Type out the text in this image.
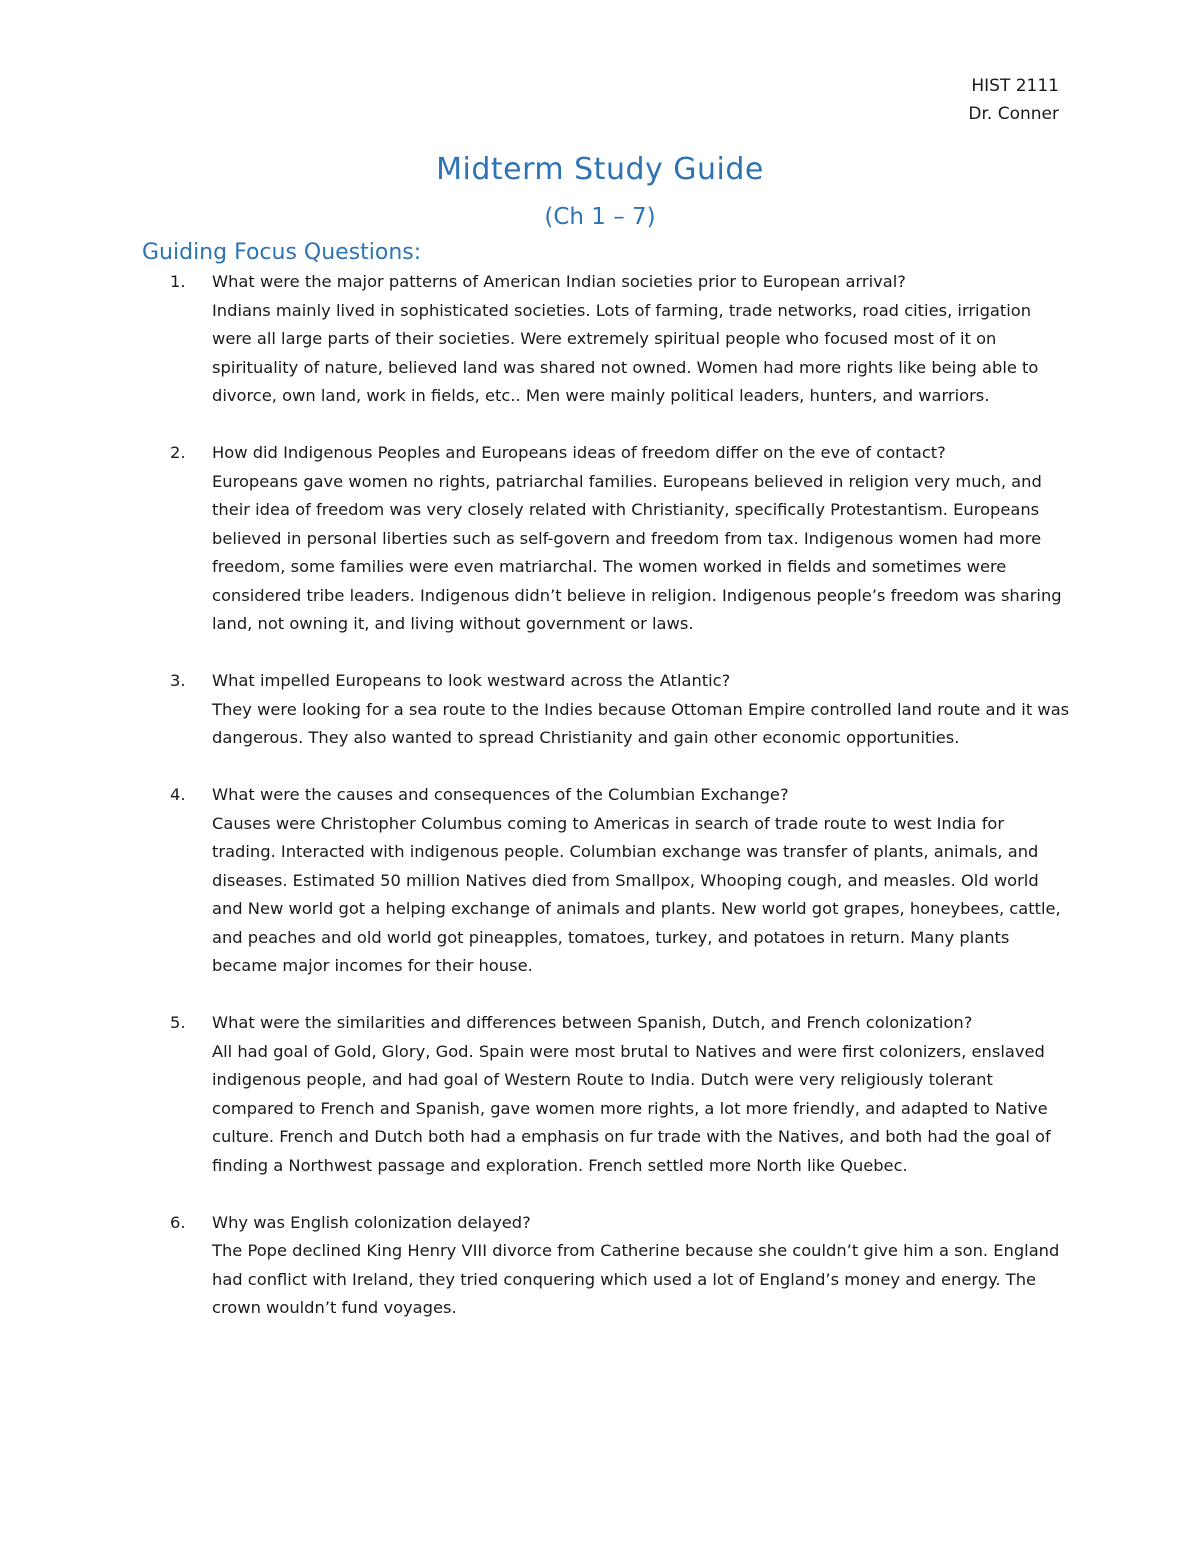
HIST 2111
Dr. Conner
Midterm Study Guide
(Ch 1 – 7)
Guiding Focus Questions:
1.	What were the major patterns of American Indian societies prior to European arrival?
Indians mainly lived in sophisticated societies. Lots of farming, trade networks, road cities, irrigation were all large parts of their societies. Were extremely spiritual people who focused most of it on spirituality of nature, believed land was shared not owned. Women had more rights like being able to divorce, own land, work in fields, etc.. Men were mainly political leaders, hunters, and warriors.
2.	How did Indigenous Peoples and Europeans ideas of freedom differ on the eve of contact?
Europeans gave women no rights, patriarchal families. Europeans believed in religion very much, and their idea of freedom was very closely related with Christianity, specifically Protestantism. Europeans believed in personal liberties such as self-govern and freedom from tax. Indigenous women had more freedom, some families were even matriarchal. The women worked in fields and sometimes were considered tribe leaders. Indigenous didn’t believe in religion. Indigenous people’s freedom was sharing land, not owning it, and living without government or laws.
3.	What impelled Europeans to look westward across the Atlantic?
They were looking for a sea route to the Indies because Ottoman Empire controlled land route and it was dangerous. They also wanted to spread Christianity and gain other economic opportunities.
4.	What were the causes and consequences of the Columbian Exchange?
Causes were Christopher Columbus coming to Americas in search of trade route to west India for trading. Interacted with indigenous people. Columbian exchange was transfer of plants, animals, and diseases. Estimated 50 million Natives died from Smallpox, Whooping cough, and measles. Old world and New world got a helping exchange of animals and plants. New world got grapes, honeybees, cattle, and peaches and old world got pineapples, tomatoes, turkey, and potatoes in return. Many plants became major incomes for their house.
5.	What were the similarities and differences between Spanish, Dutch, and French colonization?
All had goal of Gold, Glory, God. Spain were most brutal to Natives and were first colonizers, enslaved indigenous people, and had goal of Western Route to India. Dutch were very religiously tolerant compared to French and Spanish, gave women more rights, a lot more friendly, and adapted to Native culture. French and Dutch both had a emphasis on fur trade with the Natives, and both had the goal of finding a Northwest passage and exploration. French settled more North like Quebec.
6.	Why was English colonization delayed?
The Pope declined King Henry VIII divorce from Catherine because she couldn’t give him a son. England had conflict with Ireland, they tried conquering which used a lot of England’s money and energy. The crown wouldn’t fund voyages.
